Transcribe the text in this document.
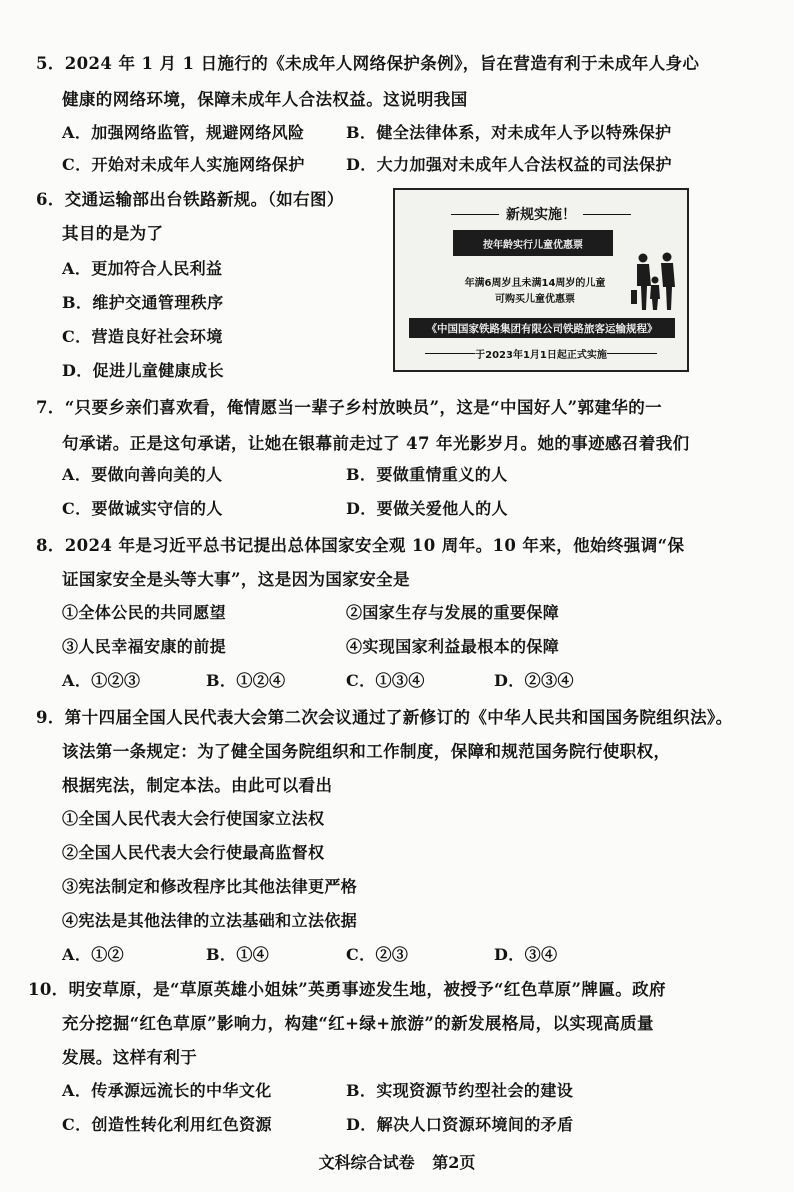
5．2024 年 1 月 1 日施行的《未成年人网络保护条例》，旨在营造有利于未成年人身心
健康的网络环境，保障未成年人合法权益。这说明我国
A．加强网络监管，规避网络风险	B．健全法律体系，对未成年人予以特殊保护
C．开始对未成年人实施网络保护	D．大力加强对未成年人合法权益的司法保护
6．交通运输部出台铁路新规。（如右图）
其目的是为了
A．更加符合人民利益
B．维护交通管理秩序
C．营造良好社会环境
D．促进儿童健康成长
新规实施！
按年龄实行儿童优惠票
年满6周岁且未满14周岁的儿童
可购买儿童优惠票
《中国国家铁路集团有限公司铁路旅客运输规程》
于2023年1月1日起正式实施
7．“只要乡亲们喜欢看，俺情愿当一辈子乡村放映员”，这是“中国好人”郭建华的一
句承诺。正是这句承诺，让她在银幕前走过了 47 年光影岁月。她的事迹感召着我们
A．要做向善向美的人	B．要做重情重义的人
C．要做诚实守信的人	D．要做关爱他人的人
8．2024 年是习近平总书记提出总体国家安全观 10 周年。10 年来，他始终强调“保
证国家安全是头等大事”，这是因为国家安全是
①全体公民的共同愿望	②国家生存与发展的重要保障
③人民幸福安康的前提	④实现国家利益最根本的保障
A．①②③	B．①②④	C．①③④	D．②③④
9．第十四届全国人民代表大会第二次会议通过了新修订的《中华人民共和国国务院组织法》。
该法第一条规定：为了健全国务院组织和工作制度，保障和规范国务院行使职权，
根据宪法，制定本法。由此可以看出
①全国人民代表大会行使国家立法权
②全国人民代表大会行使最高监督权
③宪法制定和修改程序比其他法律更严格
④宪法是其他法律的立法基础和立法依据
A．①②	B．①④	C．②③	D．③④
10．明安草原，是“草原英雄小姐妹”英勇事迹发生地，被授予“红色草原”牌匾。政府
充分挖掘“红色草原”影响力，构建“红+绿+旅游”的新发展格局，以实现高质量
发展。这样有利于
A．传承源远流长的中华文化	B．实现资源节约型社会的建设
C．创造性转化利用红色资源	D．解决人口资源环境间的矛盾
文科综合试卷 第2页
